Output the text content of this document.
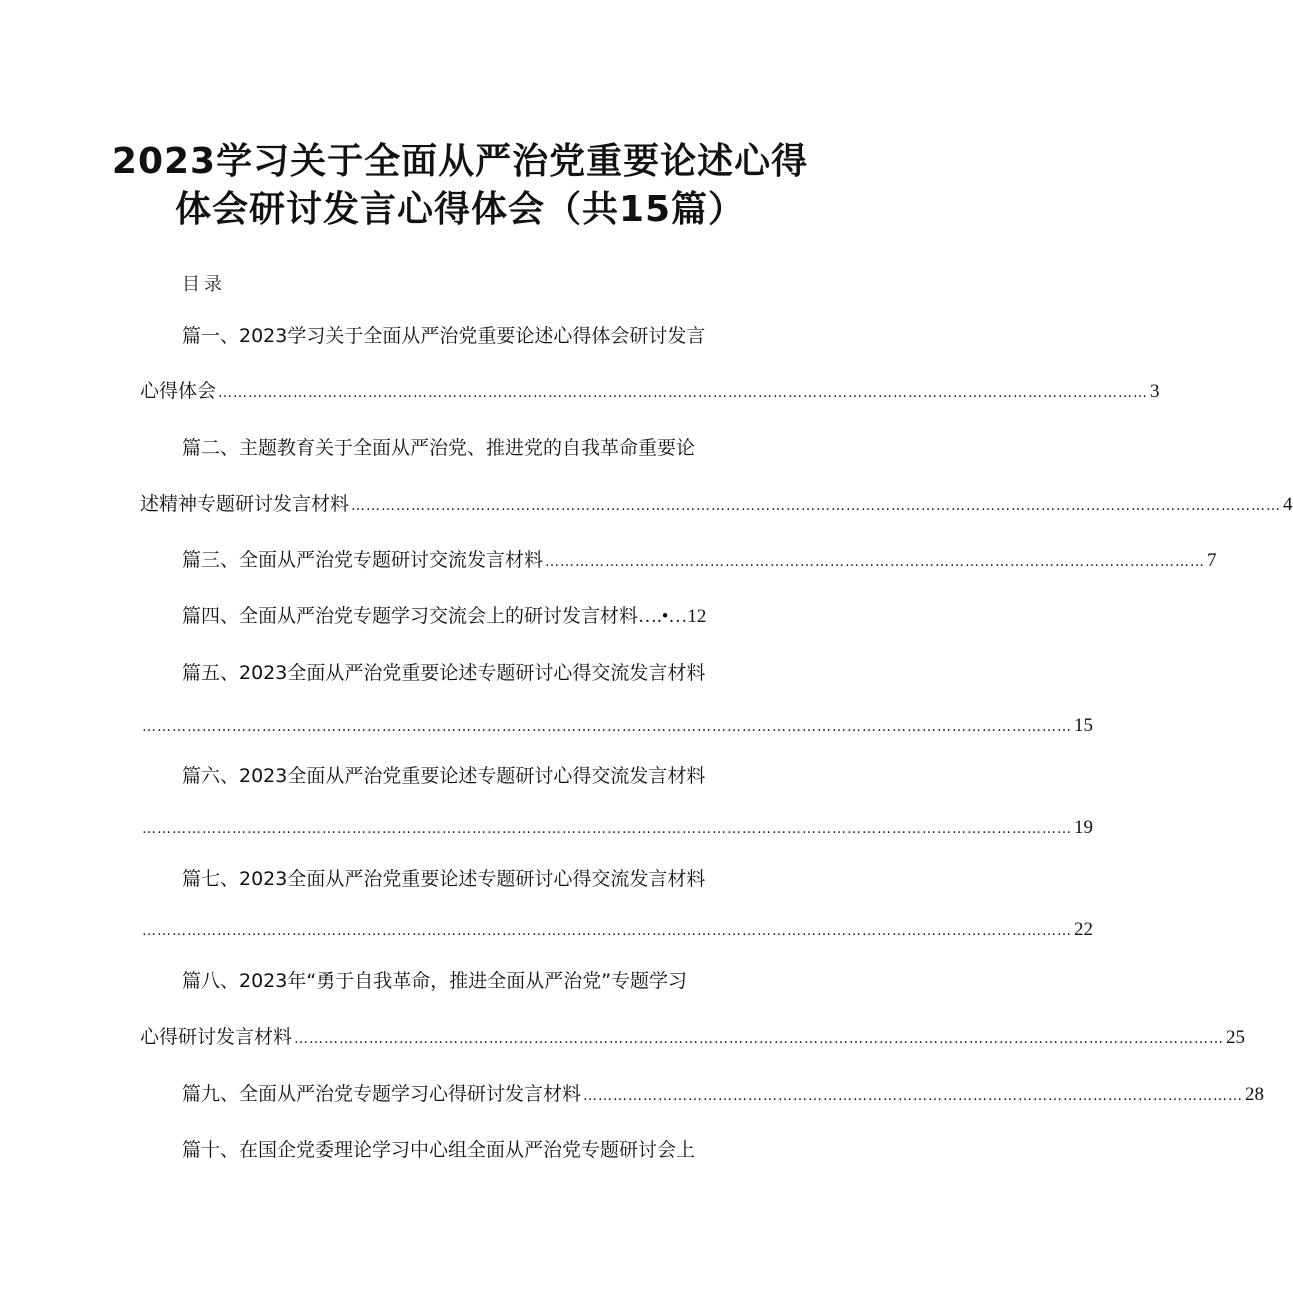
2023学习关于全面从严治党重要论述心得
体会研讨发言心得体会（共15篇）
目录
篇一、2023学习关于全面从严治党重要论述心得体会研讨发言
心得体会 …………………………………………………………………………………………………………………………………………………………………… 3
篇二、主题教育关于全面从严治党、推进党的自我革命重要论
述精神专题研讨发言材料 …………………………………………………………………………………………………………………………………………………………………… 4
篇三、全面从严治党专题研讨交流发言材料 …………………………………………………………………………………………………………………… 7
篇四、全面从严治党专题学习交流会上的研讨发言材料….•…12
篇五、2023全面从严治党重要论述专题研讨心得交流发言材料
…………………………………………………………………………………………………………………………………………………………………… 15
篇六、2023全面从严治党重要论述专题研讨心得交流发言材料
…………………………………………………………………………………………………………………………………………………………………… 19
篇七、2023全面从严治党重要论述专题研讨心得交流发言材料
…………………………………………………………………………………………………………………………………………………………………… 22
篇八、2023年“勇于自我革命，推进全面从严治党”专题学习
心得研讨发言材料 …………………………………………………………………………………………………………………………………………………………………… 25
篇九、全面从严治党专题学习心得研讨发言材料 …………………………………………………………………………………………………………………… 28
篇十、在国企党委理论学习中心组全面从严治党专题研讨会上
